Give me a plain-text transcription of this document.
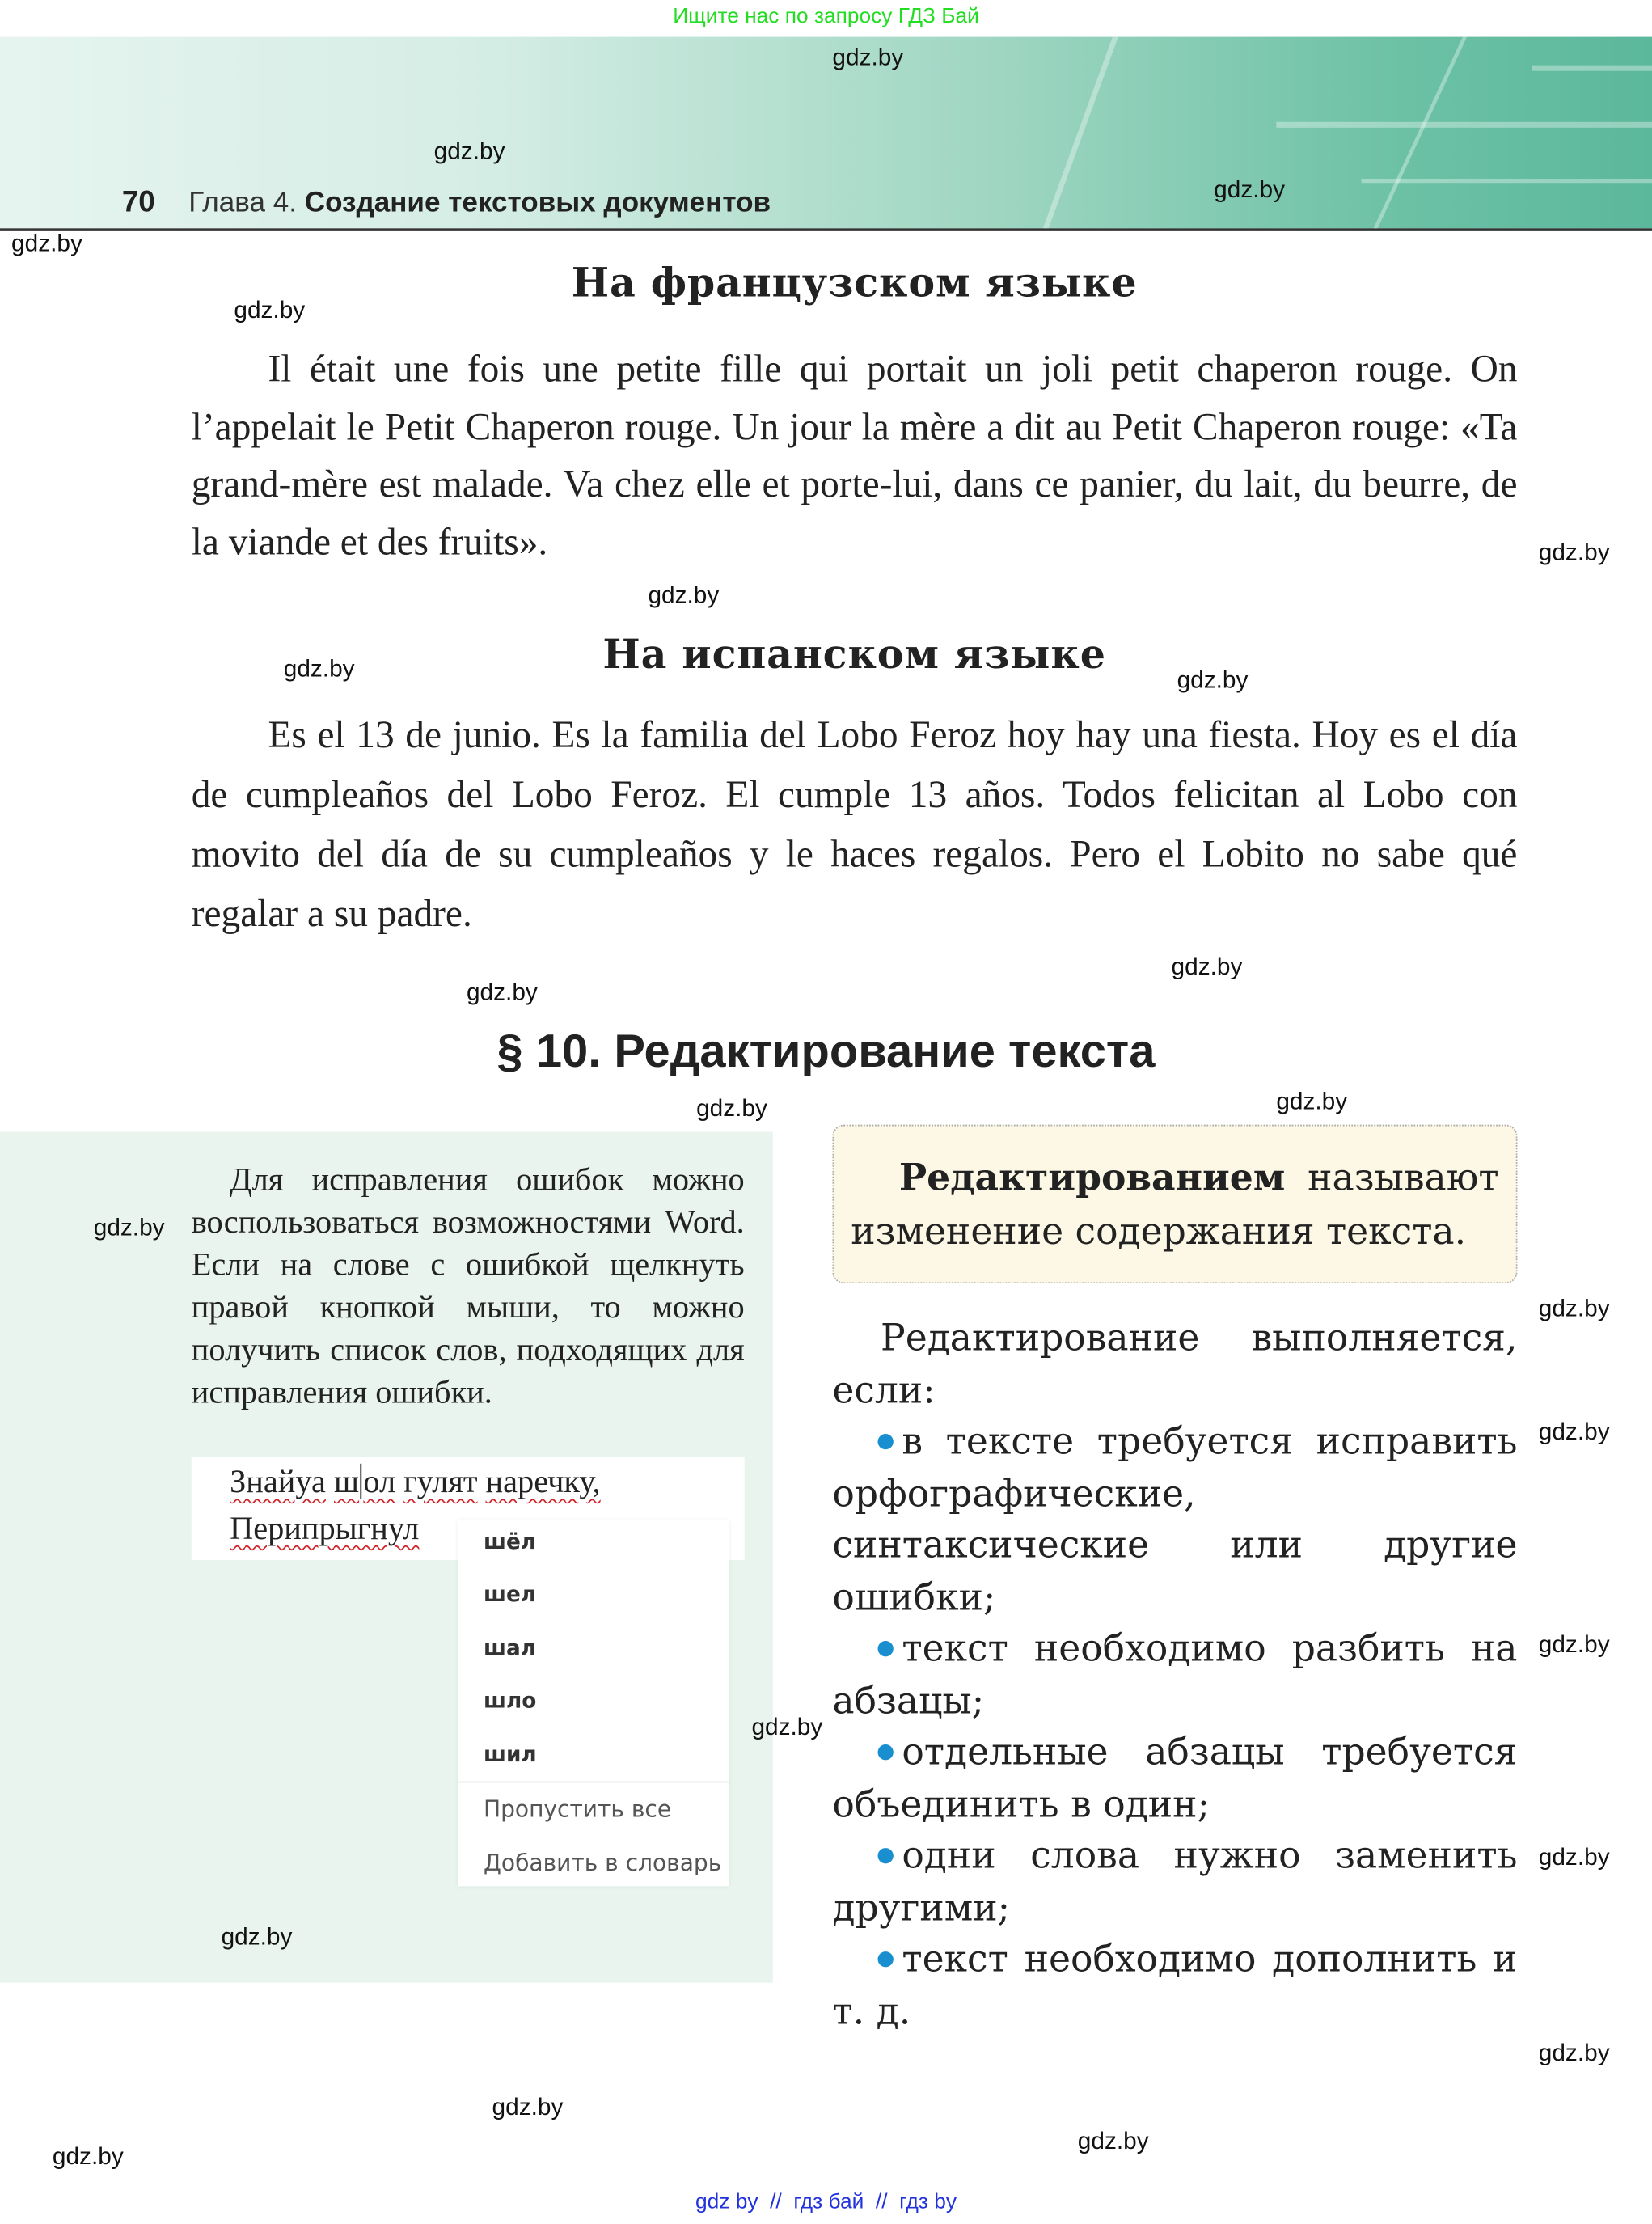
Ищите нас по запросу ГДЗ Бай
70 Глава 4. Создание текстовых документов
На французском языке
Il était une fois une petite fille qui portait un joli petit chaperon rouge. On l’appelait le Petit Chaperon rouge. Un jour la mère a dit au Petit Chaperon rouge: «Ta grand-mère est malade. Va chez elle et porte-lui, dans ce panier, du lait, du beurre, de la viande et des fruits».
На испанском языке
Es el 13 de junio. Es la familia del Lobo Feroz hoy hay una fiesta. Hoy es el día de cumpleaños del Lobo Feroz. El cumple 13 años. Todos felicitan al Lobo con movito del día de su cumpleaños y le haces regalos. Pero el Lobito no sabe qué regalar a su padre.
§ 10. Редактирование текста
Для исправления ошибок можно воспользоваться возможностями Word. Если на слове с ошибкой щелкнуть правой кнопкой мыши, то можно получить список слов, подходящих для исправления ошибки.
Знайуа ш ол гулят наречку,
Перипрыгнул	шёл
шел
шал
шло
шил
Пропустить все
Добавить в словарь
Редактированием называют изменение содержания текста.
Редактирование выполняется, если:
в тексте требуется исправить орфографические, синтаксические или другие ошибки;
текст необходимо разбить на абзацы;
отдельные абзацы требуется объединить в один;
одни слова нужно заменить другими;
текст необходимо дополнить и т. д.
gdz.by
gdz.by
gdz.by
gdz.by
gdz.by
gdz.by
gdz.by
gdz.by
gdz.by
gdz.by
gdz.by
gdz.by
gdz.by
gdz.by
gdz.by
gdz.by
gdz.by
gdz.by
gdz.by
gdz.by
gdz.by
gdz.by
gdz.by
gdz.by
gdz by  //  гдз бай  //  гдз by
